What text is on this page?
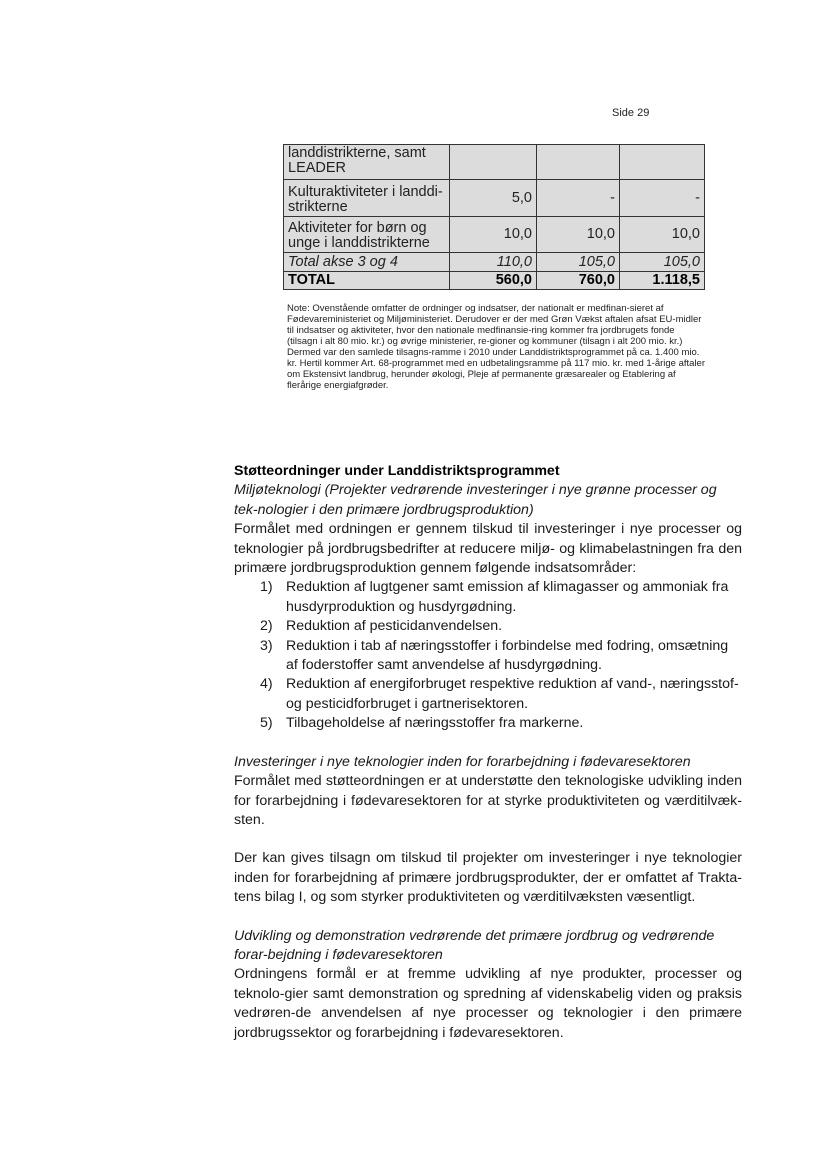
Side 29
landdistrikterne, samt LEADER			
Kulturaktiviteter i landdi-strikterne	5,0	-	-
Aktiviteter for børn og unge i landdistrikterne	10,0	10,0	10,0
Total akse 3 og 4	110,0	105,0	105,0
TOTAL	560,0	760,0	1.118,5
Note: Ovenstående omfatter de ordninger og indsatser, der nationalt er medfinan-sieret af Fødevareministeriet og Miljøministeriet. Derudover er der med Grøn Vækst aftalen afsat EU-midler til indsatser og aktiviteter, hvor den nationale medfinansie-ring kommer fra jordbrugets fonde (tilsagn i alt 80 mio. kr.) og øvrige ministerier, re-gioner og kommuner (tilsagn i alt 200 mio. kr.) Dermed var den samlede tilsagns-ramme i 2010 under Landdistriktsprogrammet på ca. 1.400 mio. kr. Hertil kommer Art. 68-programmet med en udbetalingsramme på 117 mio. kr. med 1-årige aftaler om Ekstensivt landbrug, herunder økologi, Pleje af permanente græsarealer og Etablering af flerårige energiafgrøder.

Støtteordninger under Landdistriktsprogrammet

Miljøteknologi (Projekter vedrørende investeringer i nye grønne processer og tek-nologier i den primære jordbrugsproduktion)

Formålet med ordningen er gennem tilskud til investeringer i nye processer og teknologier på jordbrugsbedrifter at reducere miljø- og klimabelastningen fra den primære jordbrugsproduktion gennem følgende indsatsområder:

1) Reduktion af lugtgener samt emission af klimagasser og ammoniak fra husdyrproduktion og husdyrgødning.
2) Reduktion af pesticidanvendelsen.
3) Reduktion i tab af næringsstoffer i forbindelse med fodring, omsætning af foderstoffer samt anvendelse af husdyrgødning.
4) Reduktion af energiforbruget respektive reduktion af vand-, næringsstof-og pesticidforbruget i gartnerisektoren.
5) Tilbageholdelse af næringsstoffer fra markerne.

Investeringer i nye teknologier inden for forarbejdning i fødevaresektoren

Formålet med støtteordningen er at understøtte den teknologiske udvikling inden for forarbejdning i fødevaresektoren for at styrke produktiviteten og værditilvæk-sten.

Der kan gives tilsagn om tilskud til projekter om investeringer i nye teknologier inden for forarbejdning af primære jordbrugsprodukter, der er omfattet af Trakta-tens bilag I, og som styrker produktiviteten og værditilvæksten væsentligt.

Udvikling og demonstration vedrørende det primære jordbrug og vedrørende forar-bejdning i fødevaresektoren

Ordningens formål er at fremme udvikling af nye produkter, processer og teknolo-gier samt demonstration og spredning af videnskabelig viden og praksis vedrøren-de anvendelsen af nye processer og teknologier i den primære jordbrugssektor og forarbejdning i fødevaresektoren.
